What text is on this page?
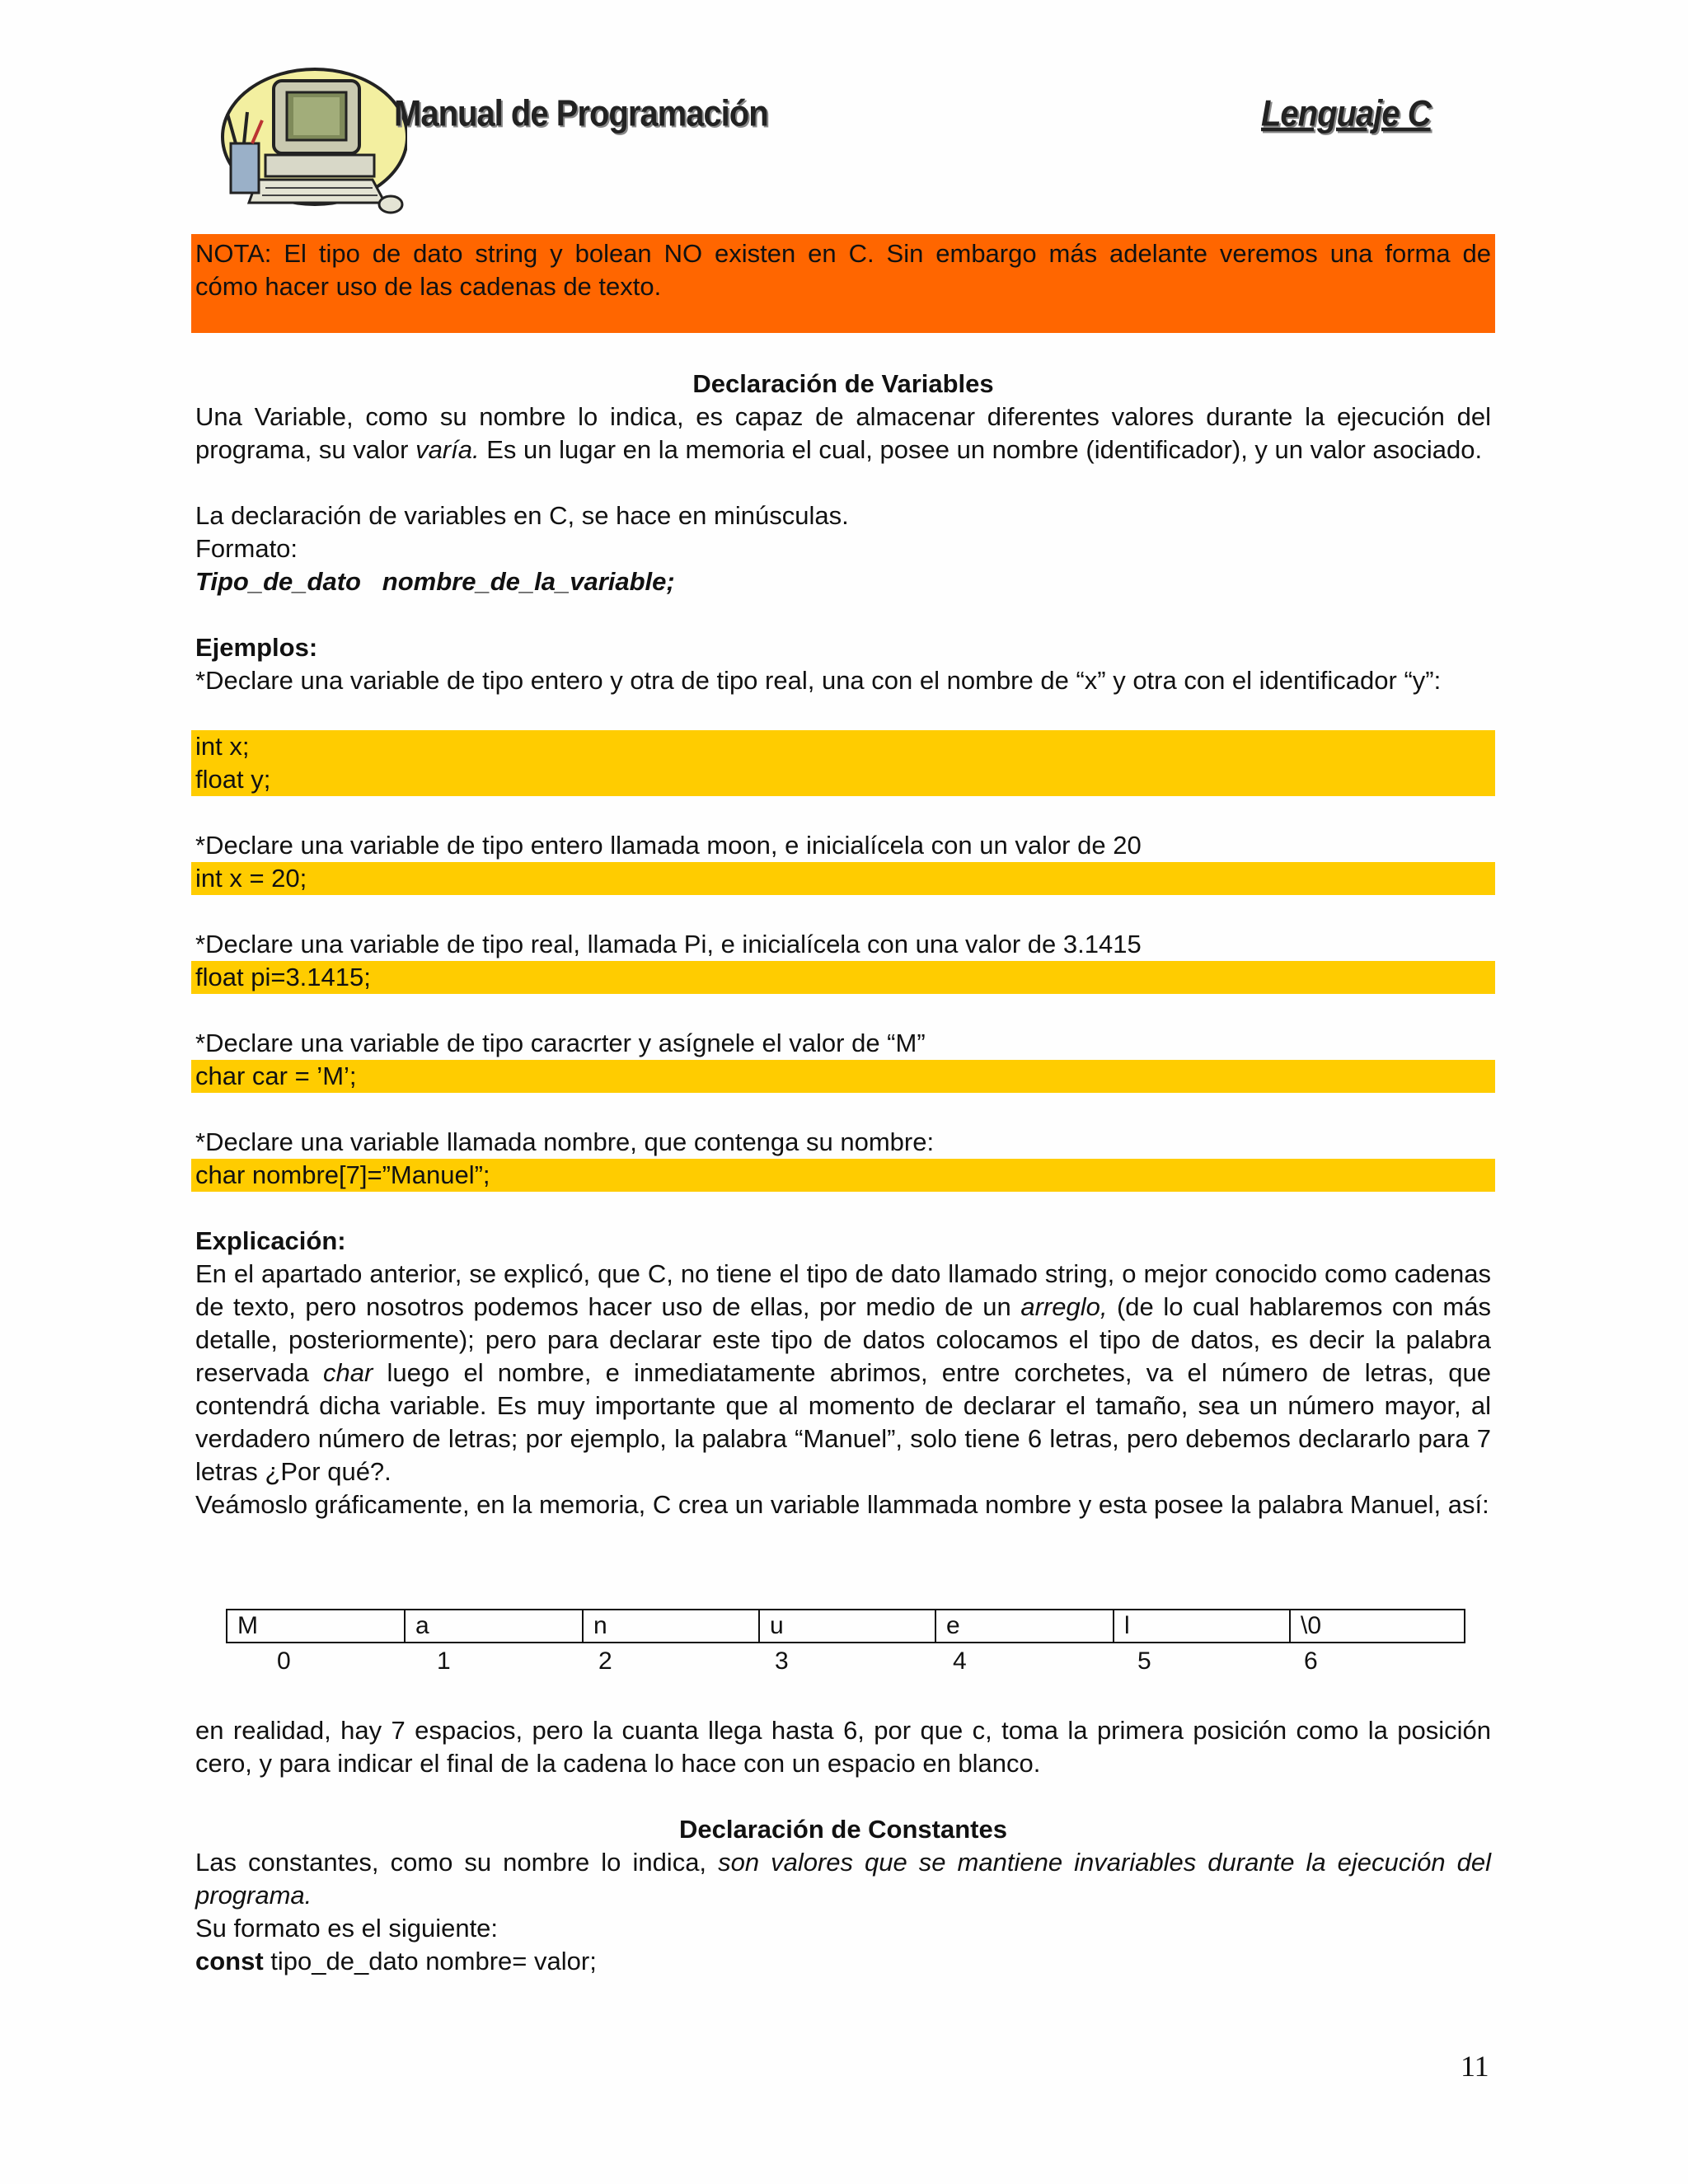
Manual de Programación	Lenguaje C
NOTA: El tipo de dato string y bolean NO existen en C. Sin embargo más adelante veremos una forma de
cómo hacer uso de las cadenas de texto.
Declaración de Variables
Una Variable, como su nombre lo indica, es capaz de almacenar diferentes valores durante la ejecución del programa, su valor varía. Es un lugar en la memoria el cual, posee un nombre (identificador), y un valor asociado.
La declaración de variables en C, se hace en minúsculas.
Formato:
Tipo_de_dato   nombre_de_la_variable;
Ejemplos:
*Declare una variable de tipo entero y otra de tipo real, una con el nombre de “x” y otra con el identificador “y”:
int x;
float y;
*Declare una variable de tipo entero llamada moon, e inicialícela con un valor de 20
int x = 20;
*Declare una variable de tipo real, llamada Pi, e inicialícela con una valor de 3.1415
float pi=3.1415;
*Declare una variable de tipo caracrter y asígnele el valor de “M”
char car = ’M’;
*Declare una variable llamada nombre, que contenga su nombre:
char nombre[7]=”Manuel”;
Explicación:
En el apartado anterior, se explicó, que C, no tiene el tipo de dato llamado string, o mejor conocido como cadenas de texto, pero nosotros podemos hacer uso de ellas, por medio de un arreglo, (de lo cual hablaremos con más detalle, posteriormente); pero para declarar este tipo de datos colocamos el tipo de datos, es decir la palabra reservada char luego el nombre, e inmediatamente abrimos, entre corchetes, va el número de letras, que contendrá dicha variable. Es muy importante que al momento de declarar el tamaño, sea un número mayor, al verdadero número de letras; por ejemplo, la palabra “Manuel”, solo tiene 6 letras, pero debemos declararlo para 7 letras ¿Por qué?.
Veámoslo gráficamente, en la memoria, C crea un variable llammada nombre y esta posee la palabra Manuel, así:
M	a	n	u	e	l	\0
0	1	2	3	4	5	6
en realidad, hay 7 espacios, pero la cuanta llega hasta 6, por que c, toma la primera posición como la posición cero, y para indicar el final de la cadena lo hace con un espacio en blanco.
Declaración de Constantes
Las constantes, como su nombre lo indica, son valores que se mantiene invariables durante la ejecución del programa.
Su formato es el siguiente:
const tipo_de_dato nombre= valor;
11
